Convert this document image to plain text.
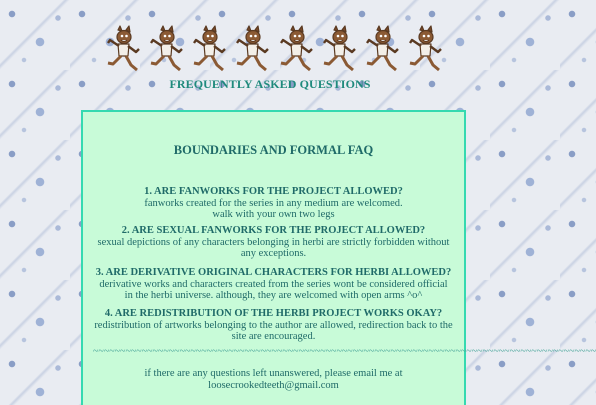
FREQUENTLY ASKED QUESTIONS
BOUNDARIES AND FORMAL FAQ
1. ARE FANWORKS FOR THE PROJECT ALLOWED?
fanworks created for the series in any medium are welcomed.
walk with your own two legs
2. ARE SEXUAL FANWORKS FOR THE PROJECT ALLOWED?
sexual depictions of any characters belonging in herbi are strictly forbidden without
any exceptions.
3. ARE DERIVATIVE ORIGINAL CHARACTERS FOR HERBI ALLOWED?
derivative works and characters created from the series wont be considered official
in the herbi universe. although, they are welcomed with open arms ^o^
4. ARE REDISTRIBUTION OF THE HERBI PROJECT WORKS OKAY?
redistribution of artworks belonging to the author are allowed, redirection back to the
site are encouraged.
~~~~~~~~~~~~~~~~~~~~~~~~~~~~~~~~~~~~~~~~~~~~~~~~~~~~~~~~~~~~~~~~~~~~~~~~~~~~~~~~~~~~~~~~~~~~~
if there are any questions left unanswered, please email me at
loosecrookedteeth@gmail.com
